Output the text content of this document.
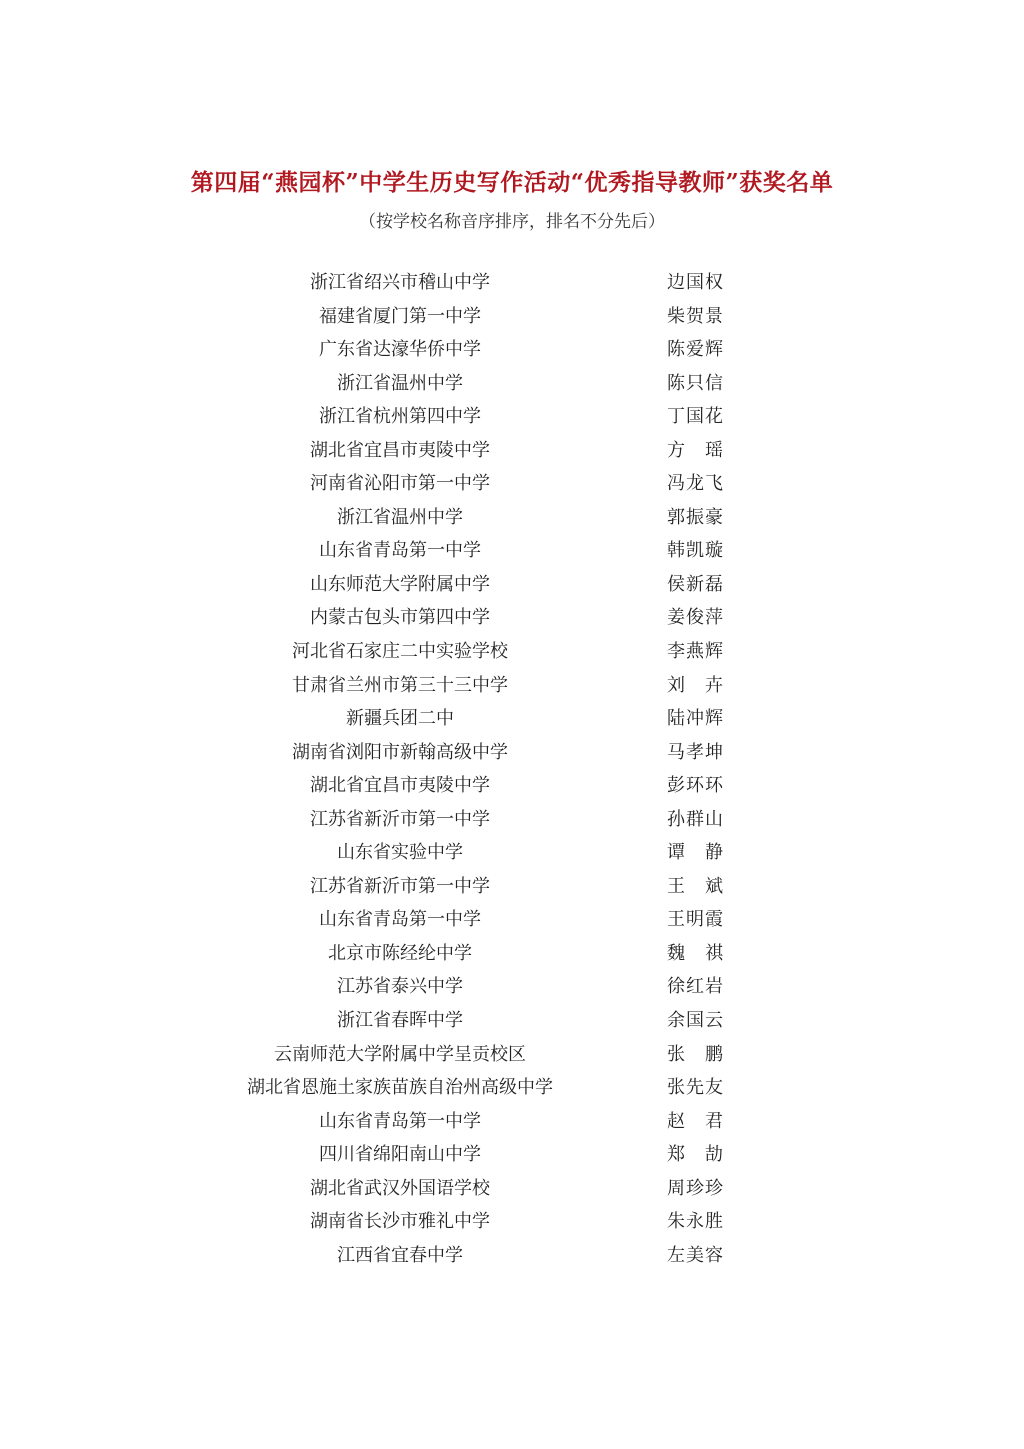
第四届“燕园杯”中学生历史写作活动“优秀指导教师”获奖名单
（按学校名称音序排序，排名不分先后）
浙江省绍兴市稽山中学	边国权
福建省厦门第一中学	柴贺景
广东省达濠华侨中学	陈爱辉
浙江省温州中学	陈只信
浙江省杭州第四中学	丁国花
湖北省宜昌市夷陵中学	方　瑶
河南省沁阳市第一中学	冯龙飞
浙江省温州中学	郭振豪
山东省青岛第一中学	韩凯璇
山东师范大学附属中学	侯新磊
内蒙古包头市第四中学	姜俊萍
河北省石家庄二中实验学校	李燕辉
甘肃省兰州市第三十三中学	刘　卉
新疆兵团二中	陆冲辉
湖南省浏阳市新翰高级中学	马孝坤
湖北省宜昌市夷陵中学	彭环环
江苏省新沂市第一中学	孙群山
山东省实验中学	谭　静
江苏省新沂市第一中学	王　斌
山东省青岛第一中学	王明霞
北京市陈经纶中学	魏　祺
江苏省泰兴中学	徐红岩
浙江省春晖中学	余国云
云南师范大学附属中学呈贡校区	张　鹏
湖北省恩施土家族苗族自治州高级中学	张先友
山东省青岛第一中学	赵　君
四川省绵阳南山中学	郑　劼
湖北省武汉外国语学校	周珍珍
湖南省长沙市雅礼中学	朱永胜
江西省宜春中学	左美容
